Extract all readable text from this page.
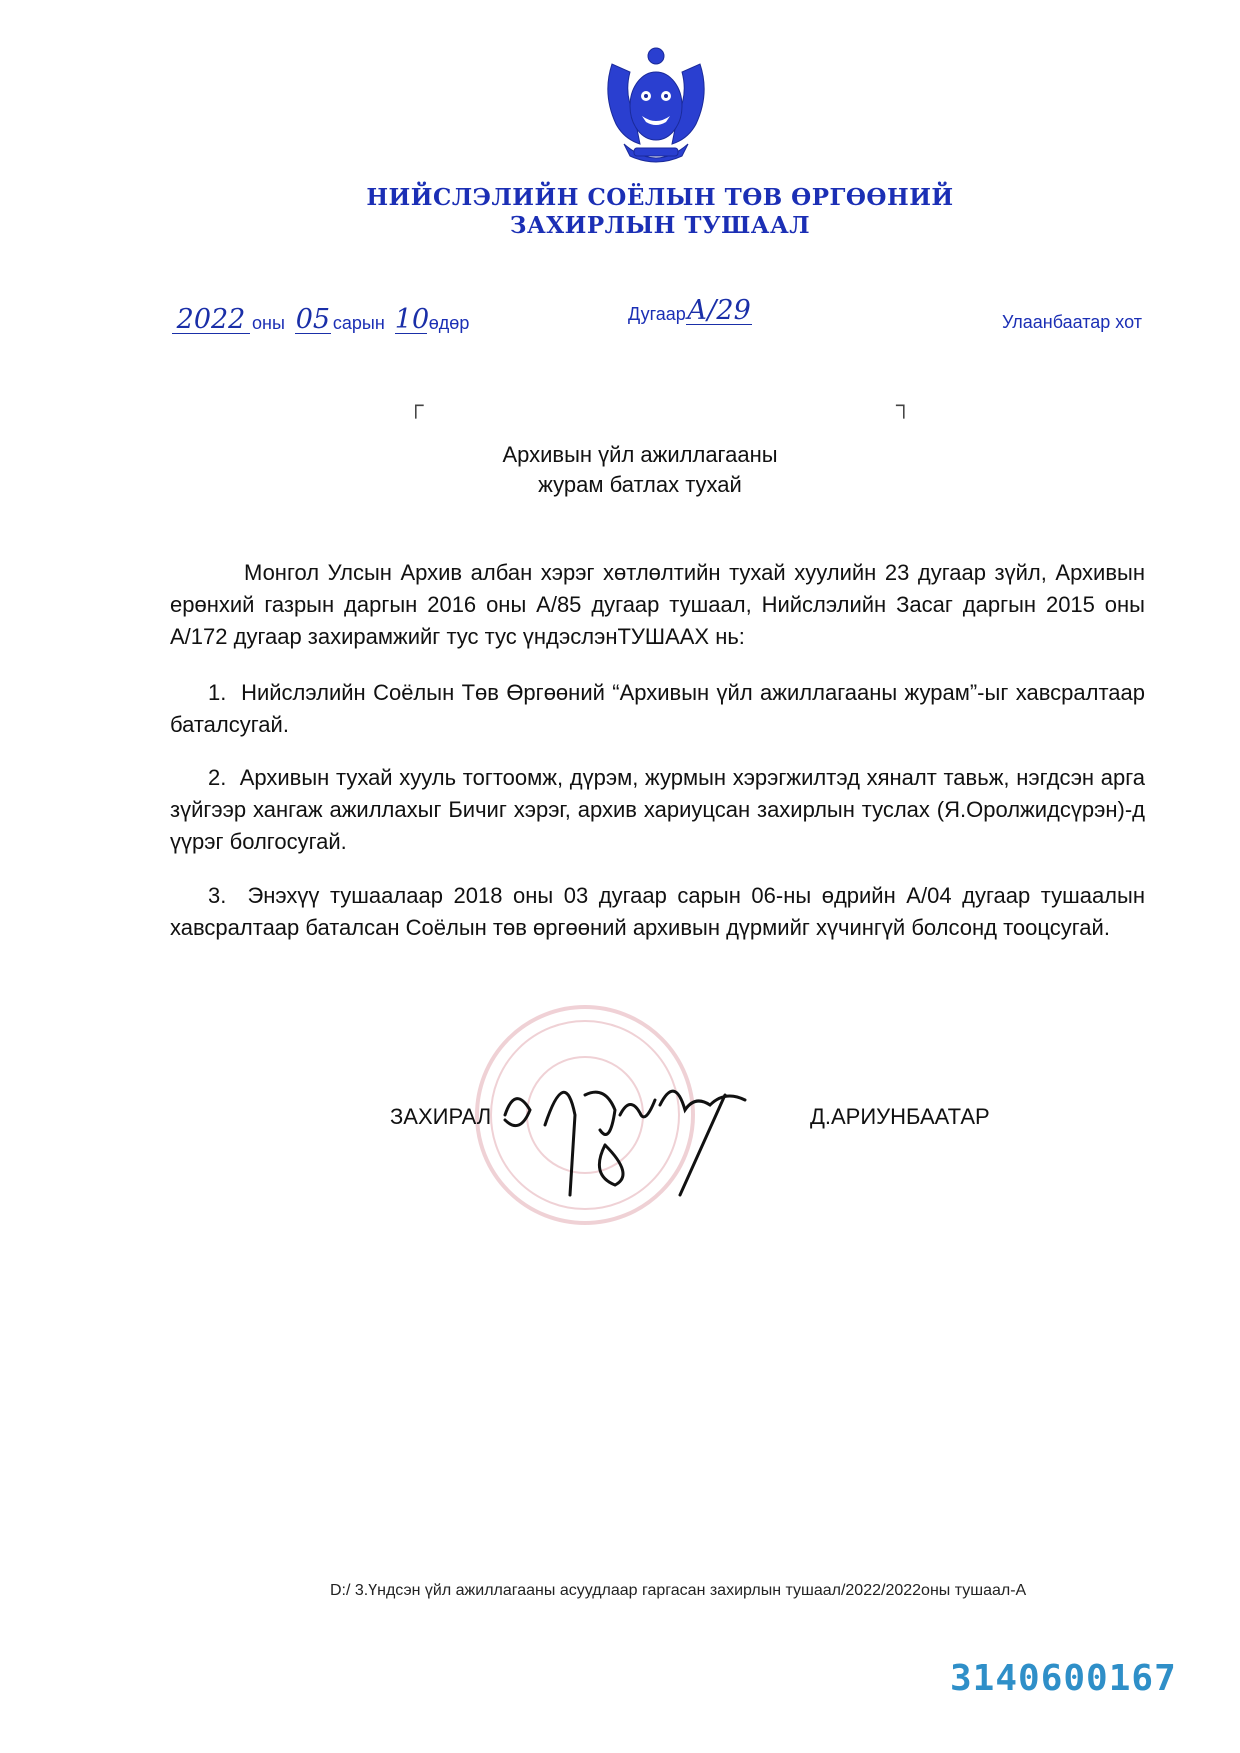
НИЙСЛЭЛИЙН СОЁЛЫН ТӨВ ӨРГӨӨНИЙ
ЗАХИРЛЫН ТУШААЛ
2022 оны 05 сарын 10 өдөр	Дугаар А/29	Улаанбаатар хот
┌	┐
Архивын үйл ажиллагааны
журам батлах тухай
Монгол Улсын Архив албан хэрэг хөтлөлтийн тухай хуулийн 23 дугаар зүйл, Архивын ерөнхий газрын даргын 2016 оны А/85 дугаар тушаал, Нийслэлийн Засаг даргын 2015 оны А/172 дугаар захирамжийг тус тус үндэслэнТУШААХ нь:
1. Нийслэлийн Соёлын Төв Өргөөний “Архивын үйл ажиллагааны журам”-ыг хавсралтаар баталсугай.
2. Архивын тухай хууль тогтоомж, дүрэм, журмын хэрэгжилтэд хяналт тавьж, нэгдсэн арга зүйгээр хангаж ажиллахыг Бичиг хэрэг, архив хариуцсан захирлын туслах (Я.Оролжидсүрэн)-д үүрэг болгосугай.
3. Энэхүү тушаалаар 2018 оны 03 дугаар сарын 06-ны өдрийн А/04 дугаар тушаалын хавсралтаар баталсан Соёлын төв өргөөний архивын дүрмийг хүчингүй болсонд тооцсугай.
ЗАХИРАЛ	Д.АРИУНБААТАР
D:/ 3.Үндсэн үйл ажиллагааны асуудлаар гаргасан захирлын тушаал/2022/2022оны тушаал-А
3140600167
